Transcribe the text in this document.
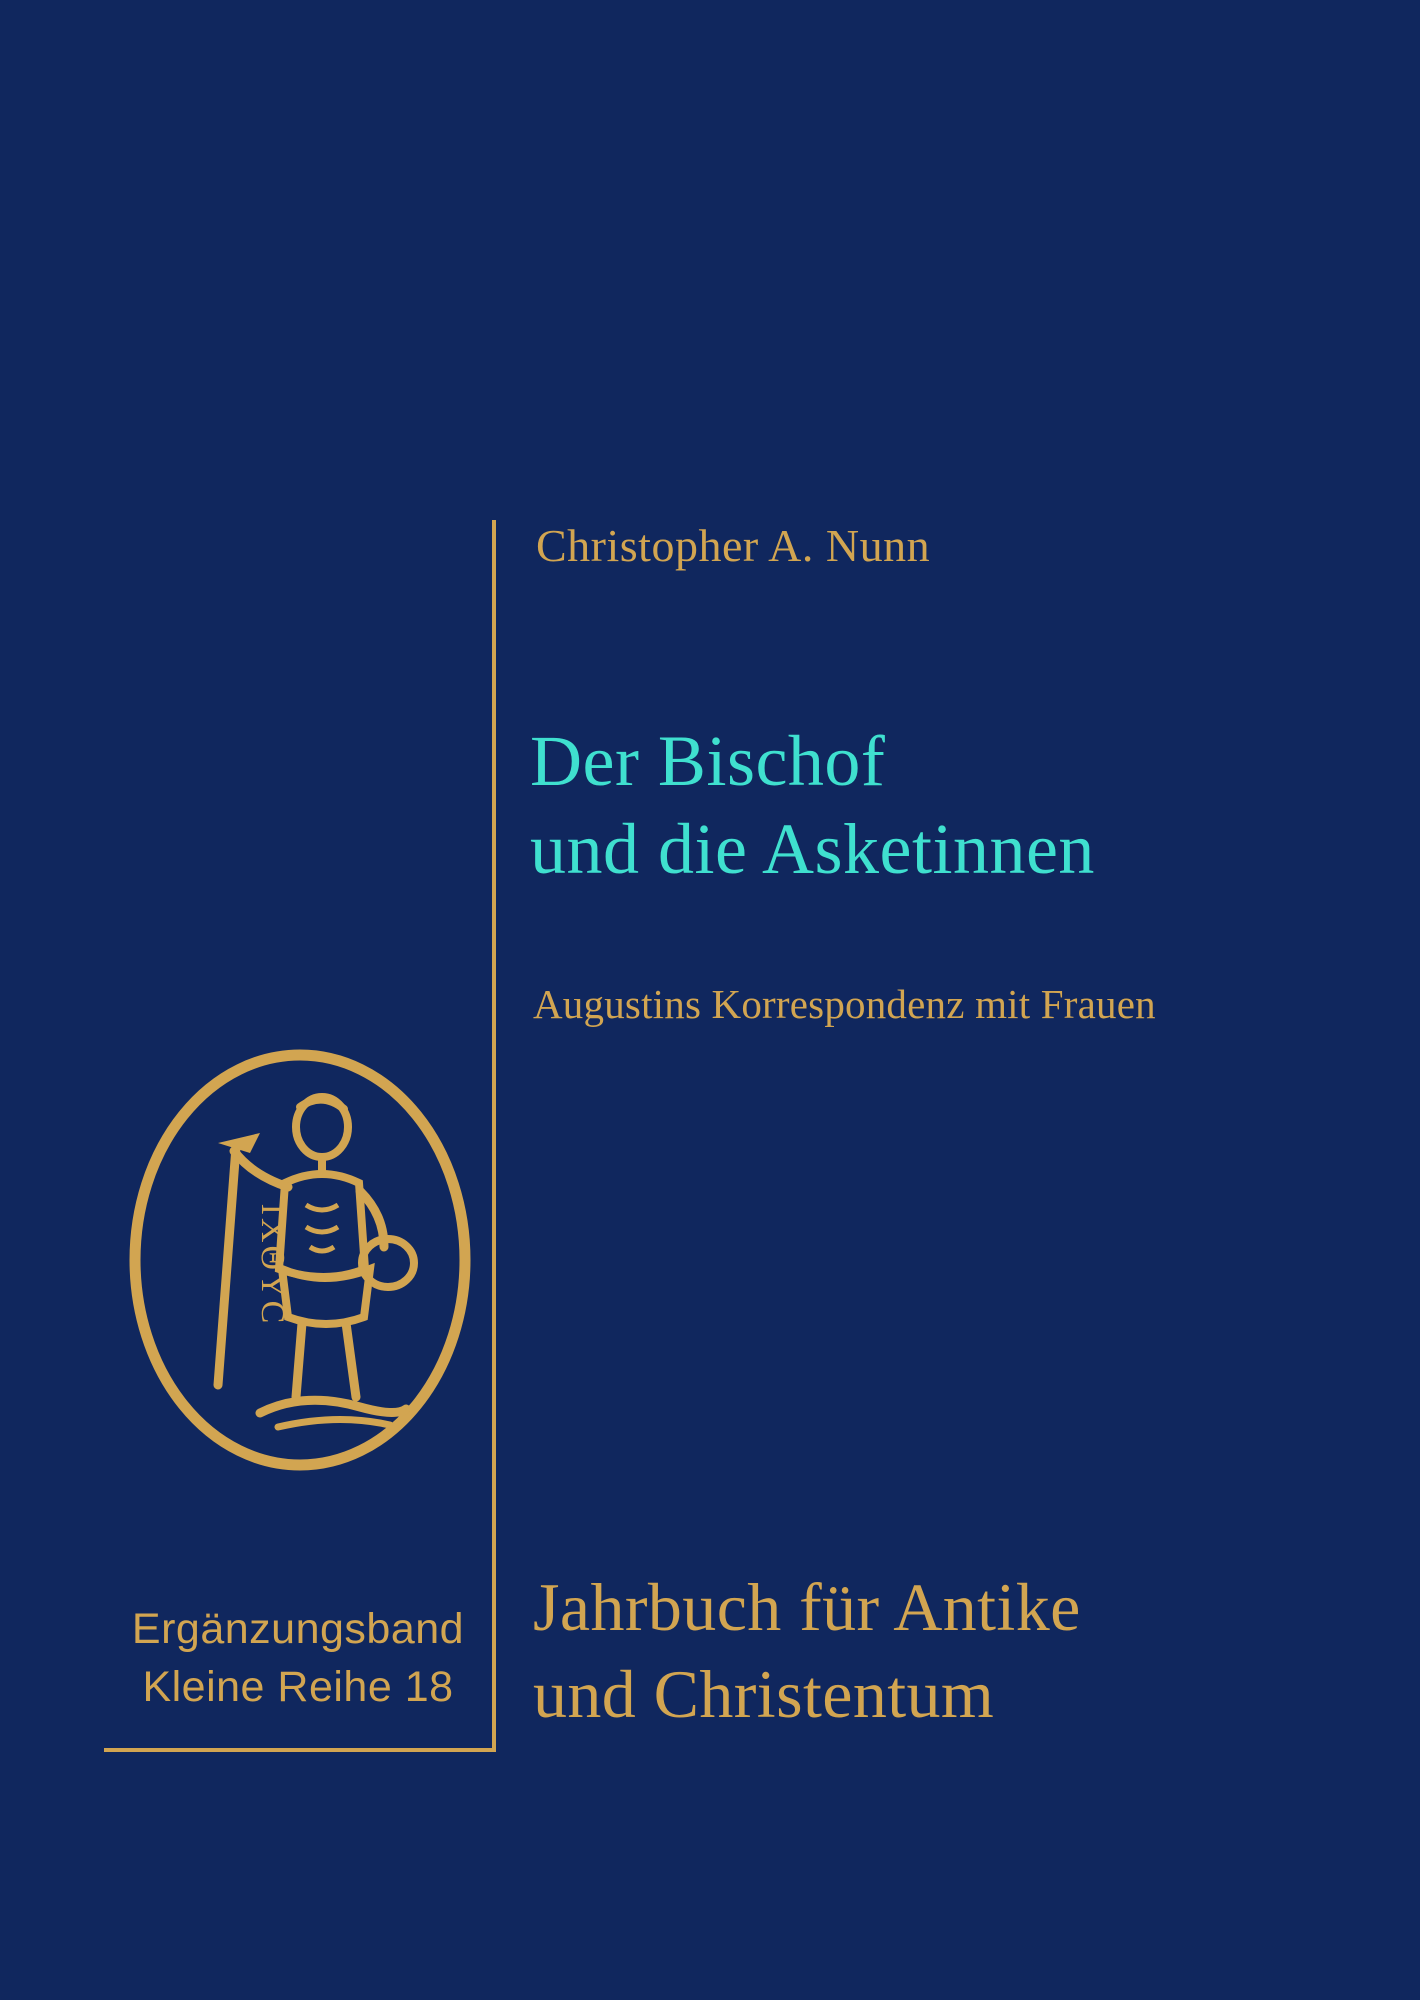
Christopher A. Nunn
Der Bischof
und die Asketinnen
Augustins Korrespondenz mit Frauen
IXΘYC
Ergänzungsband
Kleine Reihe 18
Jahrbuch für Antike
und Christentum
